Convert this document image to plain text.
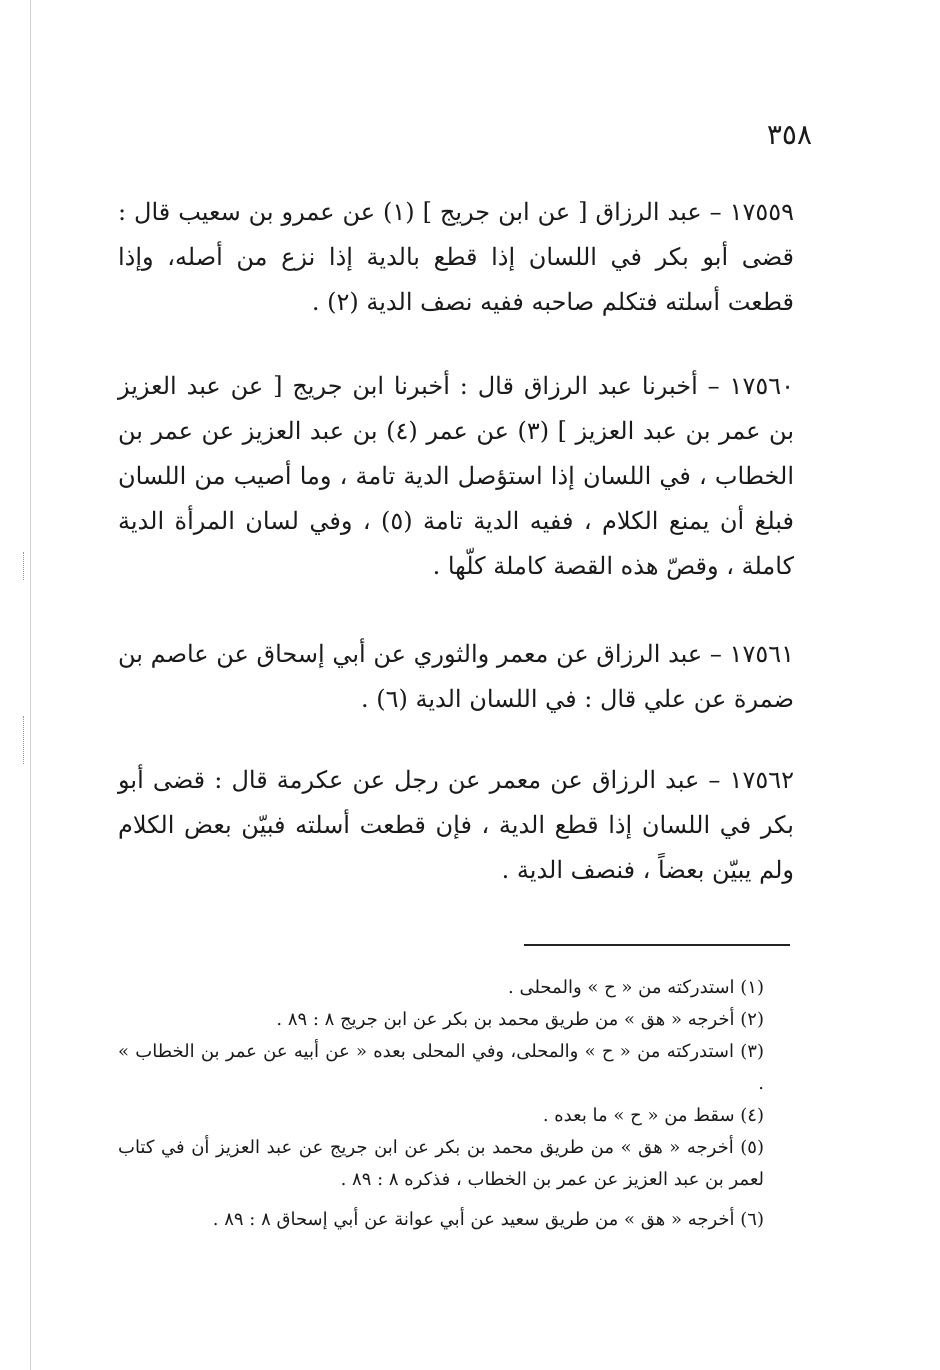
٣٥٨
١٧٥٥٩ – عبد الرزاق [ عن ابن جريج ] (١) عن عمرو بن سعيب قال : قضى أبو بكر في اللسان إذا قطع بالدية إذا نزع من أصله، وإذا قطعت أسلته فتكلم صاحبه ففيه نصف الدية (٢) .
١٧٥٦٠ – أخبرنا عبد الرزاق قال : أخبرنا ابن جريج [ عن عبد العزيز بن عمر بن عبد العزيز ] (٣) عن عمر (٤) بن عبد العزيز عن عمر بن الخطاب ، في اللسان إذا استؤصل الدية تامة ، وما أصيب من اللسان فبلغ أن يمنع الكلام ، ففيه الدية تامة (٥) ، وفي لسان المرأة الدية كاملة ، وقصّ هذه القصة كاملة كلّها .
١٧٥٦١ – عبد الرزاق عن معمر والثوري عن أبي إسحاق عن عاصم بن ضمرة عن علي قال : في اللسان الدية (٦) .
١٧٥٦٢ – عبد الرزاق عن معمر عن رجل عن عكرمة قال : قضى أبو بكر في اللسان إذا قطع الدية ، فإن قطعت أسلته فبيّن بعض الكلام ولم يبيّن بعضاً ، فنصف الدية .
(١) استدركته من « ح » والمحلى .
(٢) أخرجه « هق » من طريق محمد بن بكر عن ابن جريج ٨ : ٨٩ .
(٣) استدركته من « ح » والمحلى، وفي المحلى بعده « عن أبيه عن عمر بن الخطاب » .
(٤) سقط من « ح » ما بعده .
(٥) أخرجه « هق » من طريق محمد بن بكر عن ابن جريج عن عبد العزيز أن في كتاب لعمر بن عبد العزيز عن عمر بن الخطاب ، فذكره ٨ : ٨٩ .
(٦) أخرجه « هق » من طريق سعيد عن أبي عوانة عن أبي إسحاق ٨ : ٨٩ .
